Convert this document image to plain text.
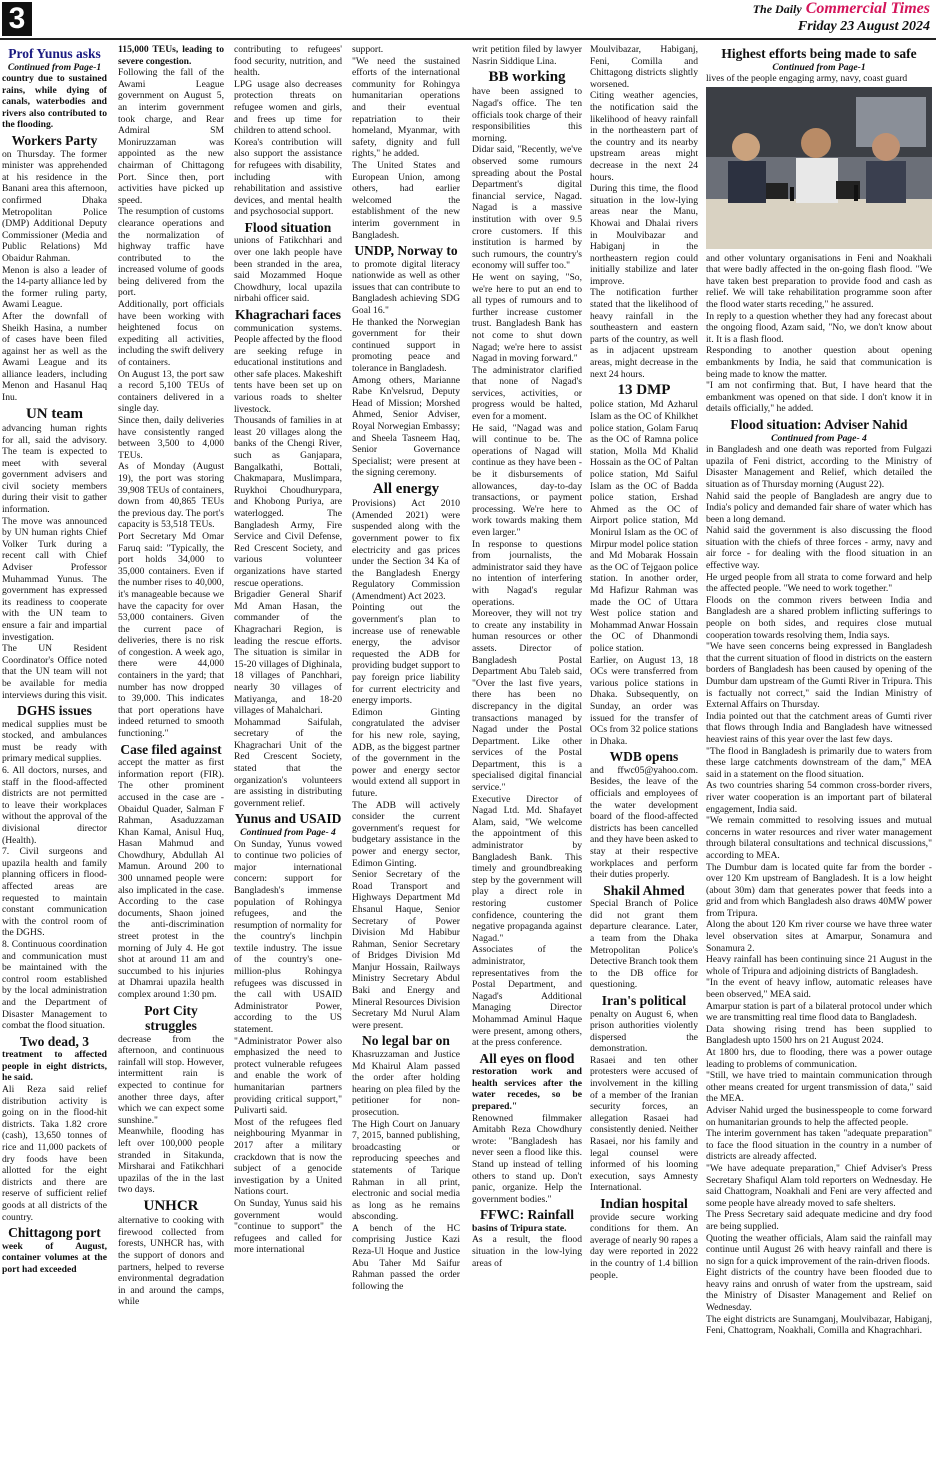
3	The Daily Commercial Times
Friday 23 August 2024
Prof Yunus asks
Continued from Page-1

country due to sustained rains, while dying of canals, waterbodies and rivers also contributed to the flooding.

Workers Party

on Thursday. The former minister was apprehended at his residence in the Banani area this afternoon, confirmed Dhaka Metropolitan Police (DMP) Additional Deputy Commissioner (Media and Public Relations) Md Obaidur Rahman.

Menon is also a leader of the 14-party alliance led by the former ruling party, Awami League.

After the downfall of Sheikh Hasina, a number of cases have been filed against her as well as the Awami League and its alliance leaders, including Menon and Hasanul Haq Inu.

UN team

advancing human rights for all, said the advisory. The team is expected to meet with several government advisers and civil society members during their visit to gather information.

The move was announced by UN human rights Chief Volker Turk during a recent call with Chief Adviser Professor Muhammad Yunus. The government has expressed its readiness to cooperate with the UN team to ensure a fair and impartial investigation.

The UN Resident Coordinator's Office noted that the UN team will not be available for media interviews during this visit.

DGHS issues

medical supplies must be stocked, and ambulances must be ready with primary medical supplies.

6. All doctors, nurses, and staff in the flood-affected districts are not permitted to leave their workplaces without the approval of the divisional director (Health).

7. Civil surgeons and upazila health and family planning officers in flood-affected areas are requested to maintain constant communication with the control room of the DGHS.

8. Continuous coordination and communication must be maintained with the control room established by the local administration and the Department of Disaster Management to combat the flood situation.

Two dead, 3

treatment to affected people in eight districts, he said.

Ali Reza said relief distribution activity is going on in the flood-hit districts. Taka 1.82 crore (cash), 13,650 tonnes of rice and 11,000 packets of dry foods have been allotted for the eight districts and there are reserve of sufficient relief goods at all districts of the country.

Chittagong port

week of August, container volumes at the port had exceeded

115,000 TEUs, leading to severe congestion.

Following the fall of the Awami League government on August 5, an interim government took charge, and Rear Admiral SM Moniruzzaman was appointed as the new chairman of Chittagong Port. Since then, port activities have picked up speed.

The resumption of customs clearance operations and the normalization of highway traffic have contributed to the increased volume of goods being delivered from the port.

Additionally, port officials have been working with heightened focus on expediting all activities, including the swift delivery of containers.

On August 13, the port saw a record 5,100 TEUs of containers delivered in a single day.

Since then, daily deliveries have consistently ranged between 3,500 to 4,000 TEUs.

As of Monday (August 19), the port was storing 39,908 TEUs of containers, down from 40,865 TEUs the previous day. The port's capacity is 53,518 TEUs.

Port Secretary Md Omar Faruq said: "Typically, the port holds 34,000 to 35,000 containers. Even if the number rises to 40,000, it's manageable because we have the capacity for over 53,000 containers. Given the current pace of deliveries, there is no risk of congestion. A week ago, there were 44,000 containers in the yard; that number has now dropped to 39,000. This indicates that port operations have indeed returned to smooth functioning."

Case filed against

accept the matter as first information report (FIR). The other prominent accused in the case are - Obaidul Quader, Salman F Rahman, Asaduzzaman Khan Kamal, Anisul Huq, Hasan Mahmud and Chowdhury, Abdullah Al Mamun. Around 200 to 300 unnamed people were also implicated in the case. According to the case documents, Shaon joined the anti-discrimination street protest in the morning of July 4. He got shot at around 11 am and succumbed to his injuries at Dhamrai upazila health complex around 1:30 pm.

Port City struggles

decrease from the afternoon, and continuous rainfall will stop. However, intermittent rain is expected to continue for another three days, after which we can expect some sunshine."

Meanwhile, flooding has left over 100,000 people stranded in Sitakunda, Mirsharai and Fatikchhari upazilas of the in the last two days.

UNHCR

alternative to cooking with firewood collected from forests, UNHCR has, with the support of donors and partners, helped to reverse environmental degradation in and around the camps, while

contributing to refugees' food security, nutrition, and health.

LPG usage also decreases protection threats on refugee women and girls, and frees up time for children to attend school.

Korea's contribution will also support the assistance for refugees with disability, including with rehabilitation and assistive devices, and mental health and psychosocial support.

Flood situation

unions of Fatikchhari and over one lakh people have been stranded in the area, said Mozammed Hoque Chowdhury, local upazila nirbahi officer said.

Khagrachari faces

communication systems. People affected by the flood are seeking refuge in educational institutions and other safe places. Makeshift tents have been set up on various roads to shelter livestock.

Thousands of families in at least 20 villages along the banks of the Chengi River, such as Ganjapara, Bangalkathi, Bottali, Chakmapara, Muslimpara, Ruykhoi Choudhurypara, and Khobong Puriya, are waterlogged. The Bangladesh Army, Fire Service and Civil Defense, Red Crescent Society, and various volunteer organizations have started rescue operations.

Brigadier General Sharif Md Aman Hasan, the commander of the Khagrachari Region, is leading the rescue efforts. The situation is similar in 15-20 villages of Dighinala, 18 villages of Panchhari, nearly 30 villages of Matiyanga, and 18-20 villages of Mahalchari.

Mohammad Saifulah, secretary of the Khagrachari Unit of the Red Crescent Society, stated that the organization's volunteers are assisting in distributing government relief.

Yunus and USAID
Continued from Page- 4

On Sunday, Yunus vowed to continue two policies of major international concern: support for Bangladesh's immense population of Rohingya refugees, and the resumption of normality for the country's linchpin textile industry. The issue of the country's one-million-plus Rohingya refugees was discussed in the call with USAID Administrator Power, according to the US statement.

"Administrator Power also emphasized the need to protect vulnerable refugees and enable the work of humanitarian partners providing critical support," Pulivarti said.

Most of the refugees fled neighbouring Myanmar in 2017 after a military crackdown that is now the subject of a genocide investigation by a United Nations court.

On Sunday, Yunus said his government would "continue to support" the refugees and called for more international

support.

"We need the sustained efforts of the international community for Rohingya humanitarian operations and their eventual repatriation to their homeland, Myanmar, with safety, dignity and full rights," he added.

The United States and European Union, among others, had earlier welcomed the establishment of the new interim government in Bangladesh.

UNDP, Norway to

to promote digital literacy nationwide as well as other issues that can contribute to Bangladesh achieving SDG Goal 16."

He thanked the Norwegian government for their continued support in promoting peace and tolerance in Bangladesh.

Among others, Marianne Rabe Kn'velsrud, Deputy Head of Mission; Morshed Ahmed, Senior Adviser, Royal Norwegian Embassy; and Sheela Tasneem Haq, Senior Governance Specialist; were present at the signing ceremony.

All energy

Provisions) Act 2010 (Amended 2021) were suspended along with the government power to fix electricity and gas prices under the Section 34 Ka of the Bangladesh Energy Regulatory Commission (Amendment) Act 2023.

Pointing out the government's plan to increase use of renewable energy, the advisor requested the ADB for providing budget support to pay foreign price liability for current electricity and energy imports.

Edimon Ginting congratulated the adviser for his new role, saying, ADB, as the biggest partner of the government in the power and energy sector would extend all support in future.

The ADB will actively consider the current government's request for budgetary assistance in the power and energy sector, Edimon Ginting.

Senior Secretary of the Road Transport and Highways Department Md Ehsanul Haque, Senior Secretary of Power Division Md Habibur Rahman, Senior Secretary of Bridges Division Md Manjur Hossain, Railways Ministry Secretary Abdul Baki and Energy and Mineral Resources Division Secretary Md Nurul Alam were present.

No legal bar on

Khasruzzaman and Justice Md Khairul Alam passed the order after holding hearing on plea filed by the petitioner for non-prosecution.

The High Court on January 7, 2015, banned publishing, broadcasting or reproducing speeches and statements of Tarique Rahman in all print, electronic and social media as long as he remains absconding.

A bench of the HC comprising Justice Kazi Reza-Ul Hoque and Justice Abu Taher Md Saifur Rahman passed the order following the

writ petition filed by lawyer Nasrin Siddique Lina.

BB working

have been assigned to Nagad's office. The ten officials took charge of their responsibilities this morning.

Didar said, "Recently, we've observed some rumours spreading about the Postal Department's digital financial service, Nagad. Nagad is a massive institution with over 9.5 crore customers. If this institution is harmed by such rumours, the country's economy will suffer too."

He went on saying, "So, we're here to put an end to all types of rumours and to further increase customer trust. Bangladesh Bank has not come to shut down Nagad; we're here to assist Nagad in moving forward."

The administrator clarified that none of Nagad's services, activities, or progress would be halted, even for a moment.

He said, "Nagad was and will continue to be. The operations of Nagad will continue as they have been - be it disbursements of allowances, day-to-day transactions, or payment processing. We're here to work towards making them even larger."

In response to questions from journalists, the administrator said they have no intention of interfering with Nagad's regular operations.

Moreover, they will not try to create any instability in human resources or other assets. Director of Bangladesh Postal Department Abu Taleb said, "Over the last five years, there has been no discrepancy in the digital transactions managed by Nagad under the Postal Department. Like other services of the Postal Department, this is a specialised digital financial service."

Executive Director of Nagad Ltd. Md. Shafayet Alam, said, "We welcome the appointment of this administrator by Bangladesh Bank. This timely and groundbreaking step by the government will play a direct role in restoring customer confidence, countering the negative propaganda against Nagad."

Associates of the administrator, representatives from the Postal Department, and Nagad's Additional Managing Director Mohammad Aminul Haque were present, among others, at the press conference.

All eyes on flood

restoration work and health services after the water recedes, so be prepared."

Renowned filmmaker Amitabh Reza Chowdhury wrote: "Bangladesh has never seen a flood like this. Stand up instead of telling others to stand up. Don't panic, organize. Help the government bodies."

FFWC: Rainfall

basins of Tripura state.

As a result, the flood situation in the low-lying areas of

Moulvibazar, Habiganj, Feni, Comilla and Chittagong districts slightly worsened.

Citing weather agencies, the notification said the likelihood of heavy rainfall in the northeastern part of the country and its nearby upstream areas might decrease in the next 24 hours.

During this time, the flood situation in the low-lying areas near the Manu, Khowai and Dhalai rivers in Moulvibazar and Habiganj in the northeastern region could initially stabilize and later improve.

The notification further stated that the likelihood of heavy rainfall in the southeastern and eastern parts of the country, as well as in adjacent upstream areas, might decrease in the next 24 hours.

13 DMP

police station, Md Azharul Islam as the OC of Khilkhet police station, Golam Faruq as the OC of Ramna police station, Molla Md Khalid Hossain as the OC of Paltan police station, Md Saiful Islam as the OC of Badda police station, Ershad Ahmed as the OC of Airport police station, Md Monirul Islam as the OC of Mirpur model police station and Md Mobarak Hossain as the OC of Tejgaon police station. In another order, Md Hafizur Rahman was made the OC of Uttara West police station and Mohammad Anwar Hossain the OC of Dhanmondi police station.

Earlier, on August 13, 18 OCs were transferred from various police stations in Dhaka. Subsequently, on Sunday, an order was issued for the transfer of OCs from 32 police stations in Dhaka.

WDB opens

and ffwc05@yahoo.com. Besides, the leave of the officials and employees of the water development board of the flood-affected districts has been cancelled and they have been asked to stay at their respective workplaces and perform their duties properly.

Shakil Ahmed

Special Branch of Police did not grant them departure clearance. Later, a team from the Dhaka Metropolitan Police's Detective Branch took them to the DB office for questioning.

Iran's political

penalty on August 6, when prison authorities violently dispersed the demonstration.

Rasaei and ten other protesters were accused of involvement in the killing of a member of the Iranian security forces, an allegation Rasaei had consistently denied. Neither Rasaei, nor his family and legal counsel were informed of his looming execution, says Amnesty International.

Indian hospital

provide secure working conditions for them. An average of nearly 90 rapes a day were reported in 2022 in the country of 1.4 billion people.

Highest efforts being made to safe
Continued from Page-1

lives of the people engaging army, navy, coast guard

and other voluntary organisations in Feni and Noakhali that were badly affected in the on-going flash flood. "We have taken best preparation to provide food and cash as relief. We will take rehabilitation programme soon after the flood water starts receding," he assured.

In reply to a question whether they had any forecast about the ongoing flood, Azam said, "No, we don't know about it. It is a flash flood.

Responding to another question about opening embankments by India, he said that communication is being made to know the matter.

"I am not confirming that. But, I have heard that the embankment was opened on that side. I don't know it in details officially," he added.

Flood situation: Adviser Nahid
Continued from Page- 4

in Bangladesh and one death was reported from Fulgazi upazila of Feni district, according to the Ministry of Disaster Management and Relief, which detailed the situation as of Thursday morning (August 22).

Nahid said the people of Bangladesh are angry due to India's policy and demanded fair share of water which has been a long demand.

Nahid said the government is also discussing the flood situation with the chiefs of three forces - army, navy and air force - for dealing with the flood situation in an effective way.

He urged people from all strata to come forward and help the affected people. "We need to work together."

Floods on the common rivers between India and Bangladesh are a shared problem inflicting sufferings to people on both sides, and requires close mutual cooperation towards resolving them, India says.

"We have seen concerns being expressed in Bangladesh that the current situation of flood in districts on the eastern borders of Bangladesh has been caused by opening of the Dumbur dam upstream of the Gumti River in Tripura. This is factually not correct," said the Indian Ministry of External Affairs on Thursday.

India pointed out that the catchment areas of Gumti river that flows through India and Bangladesh have witnessed heaviest rains of this year over the last few days.

"The flood in Bangladesh is primarily due to waters from these large catchments downstream of the dam," MEA said in a statement on the flood situation.

As two countries sharing 54 common cross-border rivers, river water cooperation is an important part of bilateral engagement, India said.

"We remain committed to resolving issues and mutual concerns in water resources and river water management through bilateral consultations and technical discussions," according to MEA.

The Dumbur dam is located quite far from the border - over 120 Km upstream of Bangladesh. It is a low height (about 30m) dam that generates power that feeds into a grid and from which Bangladesh also draws 40MW power from Tripura.

Along the about 120 Km river course we have three water level observation sites at Amarpur, Sonamura and Sonamura 2.

Heavy rainfall has been continuing since 21 August in the whole of Tripura and adjoining districts of Bangladesh.

"In the event of heavy inflow, automatic releases have been observed," MEA said.

Amarpur station is part of a bilateral protocol under which we are transmitting real time flood data to Bangladesh.

Data showing rising trend has been supplied to Bangladesh upto 1500 hrs on 21 August 2024.

At 1800 hrs, due to flooding, there was a power outage leading to problems of communication.

"Still, we have tried to maintain communication through other means created for urgent transmission of data," said the MEA.

Adviser Nahid urged the businesspeople to come forward on humanitarian grounds to help the affected people.

The interim government has taken "adequate preparation" to face the flood situation in the country in a number of districts are already affected.

"We have adequate preparation," Chief Adviser's Press Secretary Shafiqul Alam told reporters on Wednesday. He said Chattogram, Noakhali and Feni are very affected and some people have already moved to safe shelters.

The Press Secretary said adequate medicine and dry food are being supplied.

Quoting the weather officials, Alam said the rainfall may continue until August 26 with heavy rainfall and there is no sign for a quick improvement of the rain-driven floods.

Eight districts of the country have been flooded due to heavy rains and onrush of water from the upstream, said the Ministry of Disaster Management and Relief on Wednesday.

The eight districts are Sunamganj, Moulvibazar, Habiganj, Feni, Chattogram, Noakhali, Comilla and Khagrachhari.
